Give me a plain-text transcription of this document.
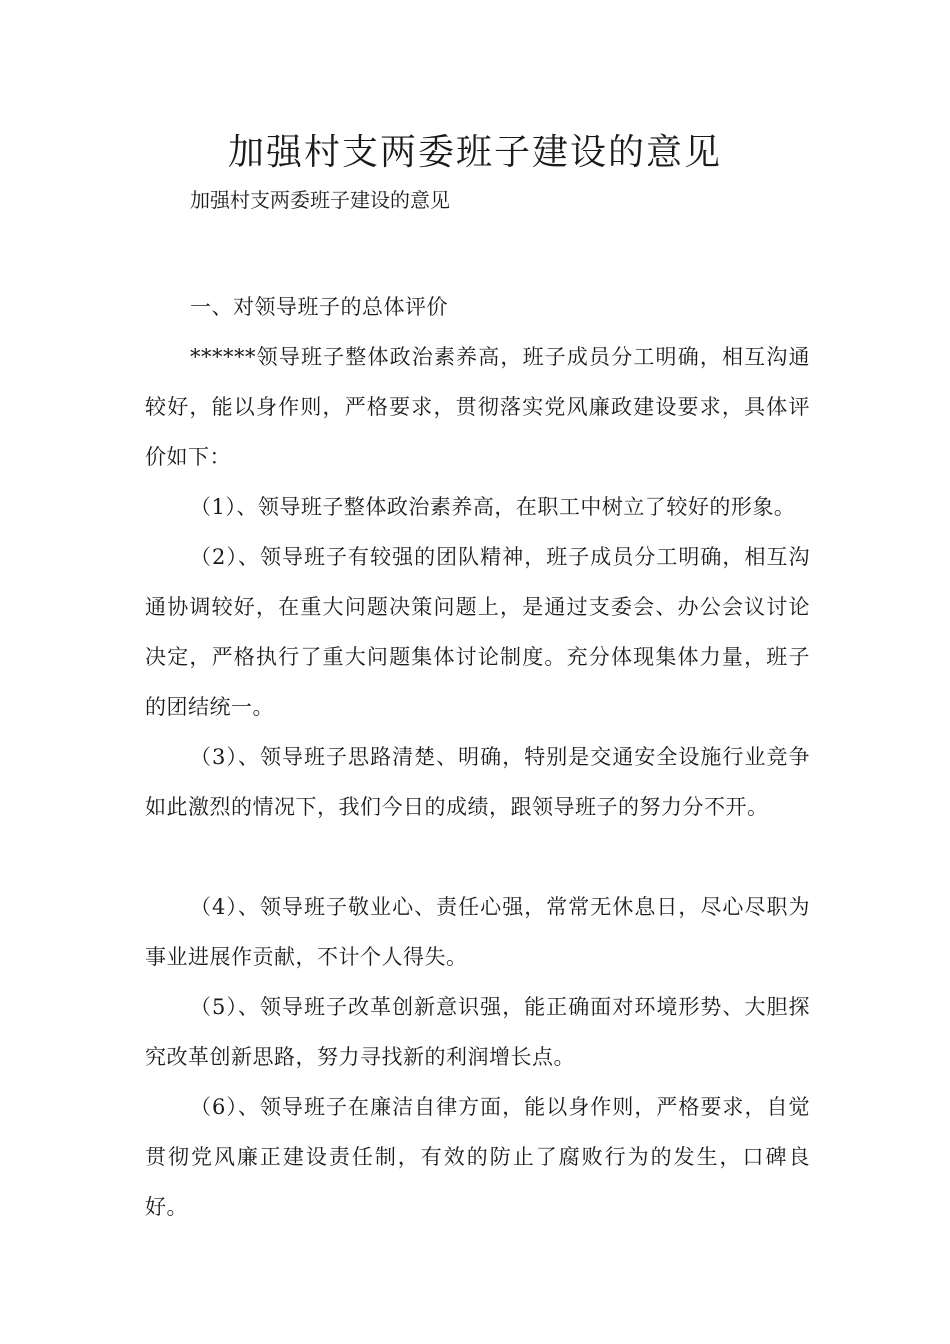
加强村支两委班子建设的意见

加强村支两委班子建设的意见

一、对领导班子的总体评价

******领导班子整体政治素养高，班子成员分工明确，相互沟通较好，能以身作则，严格要求，贯彻落实党风廉政建设要求，具体评价如下：

（1）、领导班子整体政治素养高，在职工中树立了较好的形象。

（2）、领导班子有较强的团队精神，班子成员分工明确，相互沟通协调较好，在重大问题决策问题上，是通过支委会、办公会议讨论决定，严格执行了重大问题集体讨论制度。充分体现集体力量，班子的团结统一。

（3）、领导班子思路清楚、明确，特别是交通安全设施行业竞争如此激烈的情况下，我们今日的成绩，跟领导班子的努力分不开。

（4）、领导班子敬业心、责任心强，常常无休息日，尽心尽职为事业进展作贡献，不计个人得失。

（5）、领导班子改革创新意识强，能正确面对环境形势、大胆探究改革创新思路，努力寻找新的利润增长点。

（6）、领导班子在廉洁自律方面，能以身作则，严格要求，自觉贯彻党风廉正建设责任制，有效的防止了腐败行为的发生，口碑良好。
